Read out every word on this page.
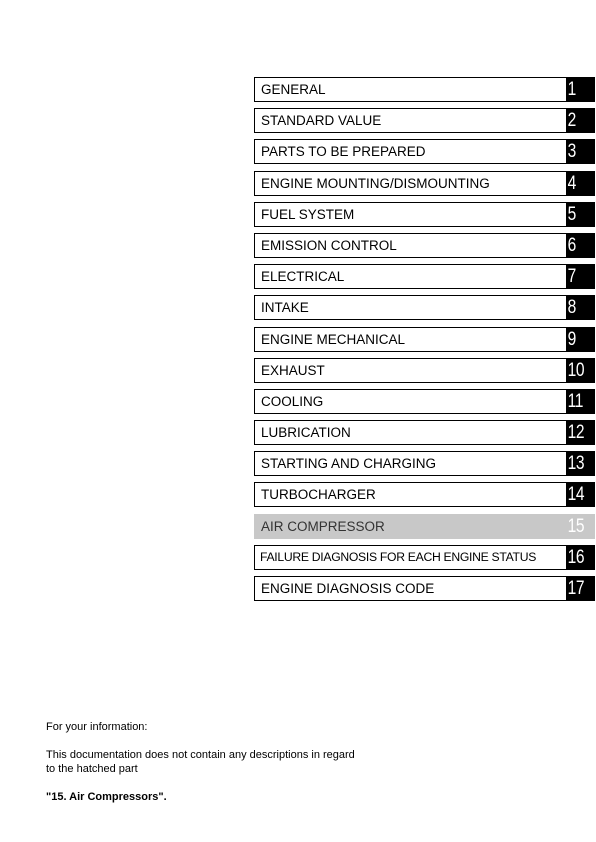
GENERAL	1
STANDARD VALUE	2
PARTS TO BE PREPARED	3
ENGINE MOUNTING/DISMOUNTING	4
FUEL SYSTEM	5
EMISSION CONTROL	6
ELECTRICAL	7
INTAKE	8
ENGINE MECHANICAL	9
EXHAUST	10
COOLING	11
LUBRICATION	12
STARTING AND CHARGING	13
TURBOCHARGER	14
AIR COMPRESSOR	15
FAILURE DIAGNOSIS FOR EACH ENGINE STATUS	16
ENGINE DIAGNOSIS CODE	17
For your information:
This documentation does not contain any descriptions in regard to the hatched part
"15. Air Compressors".
